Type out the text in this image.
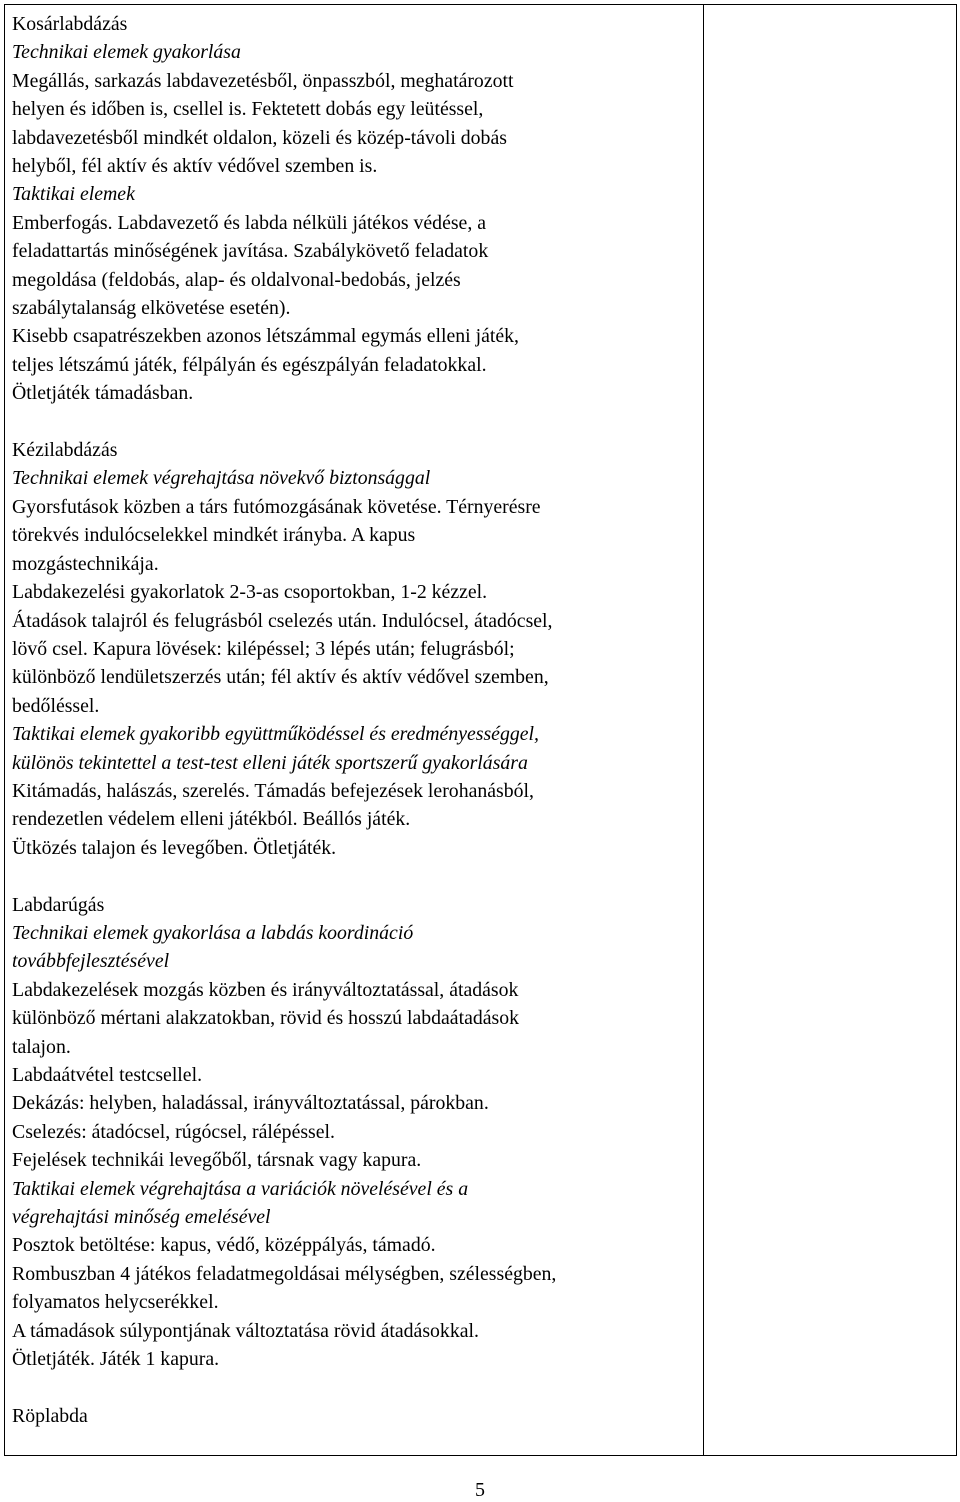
Kosárlabdázás
Technikai elemek gyakorlása
Megállás, sarkazás labdavezetésből, önpasszból, meghatározott
helyen és időben is, csellel is. Fektetett dobás egy leütéssel,
labdavezetésből mindkét oldalon, közeli és közép-távoli dobás
helyből, fél aktív és aktív védővel szemben is.
Taktikai elemek
Emberfogás. Labdavezető és labda nélküli játékos védése, a
feladattartás minőségének javítása. Szabálykövető feladatok
megoldása (feldobás, alap- és oldalvonal-bedobás, jelzés
szabálytalanság elkövetése esetén).
Kisebb csapatrészekben azonos létszámmal egymás elleni játék,
teljes létszámú játék, félpályán és egészpályán feladatokkal.
Ötletjáték támadásban.
Kézilabdázás
Technikai elemek végrehajtása növekvő biztonsággal
Gyorsfutások közben a társ futómozgásának követése. Térnyerésre
törekvés indulócselekkel mindkét irányba. A kapus
mozgástechnikája.
Labdakezelési gyakorlatok 2-3-as csoportokban, 1-2 kézzel.
Átadások talajról és felugrásból cselezés után. Indulócsel, átadócsel,
lövő csel. Kapura lövések: kilépéssel; 3 lépés után; felugrásból;
különböző lendületszerzés után; fél aktív és aktív védővel szemben,
bedőléssel.
Taktikai elemek gyakoribb együttműködéssel és eredményességgel,
különös tekintettel a test-test elleni játék sportszerű gyakorlására
Kitámadás, halászás, szerelés. Támadás befejezések lerohanásból,
rendezetlen védelem elleni játékból. Beállós játék.
Ütközés talajon és levegőben. Ötletjáték.
Labdarúgás
Technikai elemek gyakorlása a labdás koordináció
továbbfejlesztésével
Labdakezelések mozgás közben és irányváltoztatással, átadások
különböző mértani alakzatokban, rövid és hosszú labdaátadások
talajon.
Labdaátvétel testcsellel.
Dekázás: helyben, haladással, irányváltoztatással, párokban.
Cselezés: átadócsel, rúgócsel, rálépéssel.
Fejelések technikái levegőből, társnak vagy kapura.
Taktikai elemek végrehajtása a variációk növelésével és a
végrehajtási minőség emelésével
Posztok betöltése: kapus, védő, középpályás, támadó.
Rombuszban 4 játékos feladatmegoldásai mélységben, szélességben,
folyamatos helycserékkel.
A támadások súlypontjának változtatása rövid átadásokkal.
Ötletjáték. Játék 1 kapura.
Röplabda

5
